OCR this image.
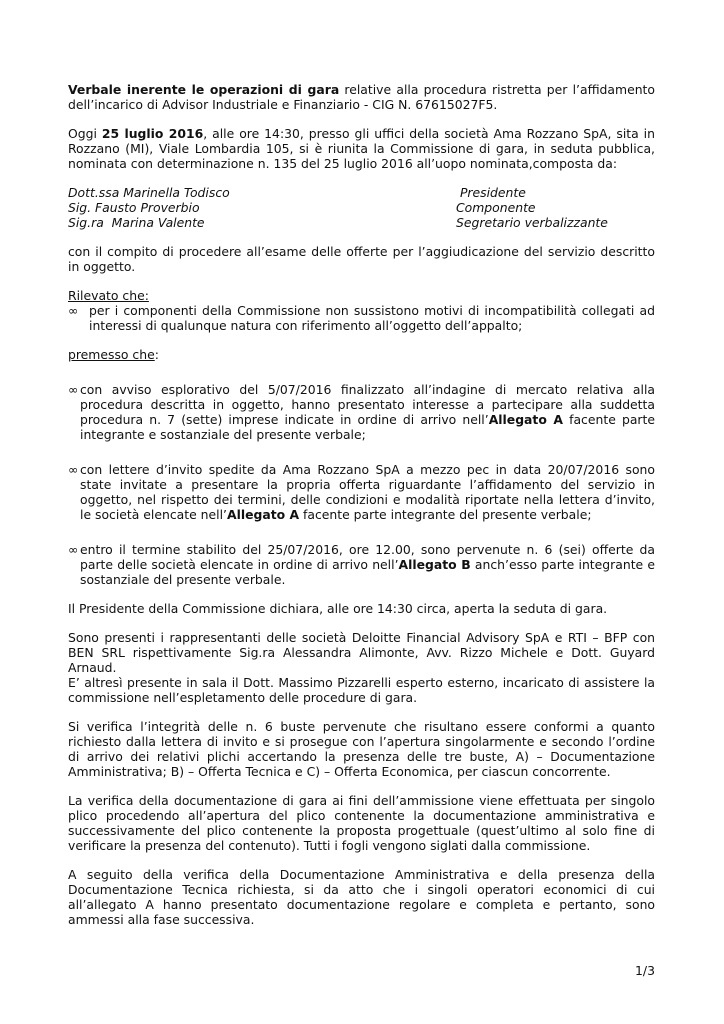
Verbale inerente le operazioni di gara relative alla procedura ristretta per l’affidamento dell’incarico di Advisor Industriale e Finanziario - CIG N. 67615027F5.

Oggi 25 luglio 2016, alle ore 14:30, presso gli uffici della società Ama Rozzano SpA, sita in Rozzano (MI), Viale Lombardia 105, si è riunita la Commissione di gara, in seduta pubblica, nominata con determinazione n. 135 del 25 luglio 2016 all’uopo nominata,composta da:

Dott.ssa Marinella Todisco	Presidente
Sig. Fausto Proverbio	Componente
Sig.ra  Marina Valente	Segretario verbalizzante

con il compito di procedere all’esame delle offerte per l’aggiudicazione del servizio descritto in oggetto.

Rilevato che:

∞ per i componenti della Commissione non sussistono motivi di incompatibilità collegati ad interessi di qualunque natura con riferimento all’oggetto dell’appalto;

premesso che:

∞ con avviso esplorativo del 5/07/2016 finalizzato all’indagine di mercato relativa alla procedura descritta in oggetto, hanno presentato interesse a partecipare alla suddetta procedura n. 7 (sette) imprese indicate in ordine di arrivo nell’Allegato A facente parte integrante e sostanziale del presente verbale;
∞ con lettere d’invito spedite da Ama Rozzano SpA a mezzo pec in data 20/07/2016 sono state invitate a presentare la propria offerta riguardante l’affidamento del servizio in oggetto, nel rispetto dei termini, delle condizioni e modalità riportate nella lettera d’invito, le società elencate nell’Allegato A facente parte integrante del presente verbale;
∞ entro il termine stabilito del 25/07/2016, ore 12.00, sono pervenute n. 6 (sei) offerte da parte delle società elencate in ordine di arrivo nell’Allegato B anch’esso parte integrante e sostanziale del presente verbale.

Il Presidente della Commissione dichiara, alle ore 14:30 circa, aperta la seduta di gara.

Sono presenti i rappresentanti delle società Deloitte Financial Advisory SpA e RTI – BFP con BEN SRL rispettivamente Sig.ra Alessandra Alimonte, Avv. Rizzo Michele e Dott. Guyard Arnaud.

E’ altresì presente in sala il Dott. Massimo Pizzarelli esperto esterno, incaricato di assistere la commissione nell’espletamento delle procedure di gara.

Si verifica l’integrità delle n. 6 buste pervenute che risultano essere conformi a quanto richiesto dalla lettera di invito e si prosegue con l’apertura singolarmente e secondo l’ordine di arrivo dei relativi plichi accertando la presenza delle tre buste, A) – Documentazione Amministrativa; B) – Offerta Tecnica e C) – Offerta Economica, per ciascun concorrente.

La verifica della documentazione di gara ai fini dell’ammissione viene effettuata per singolo plico procedendo all’apertura del plico contenente la documentazione amministrativa e successivamente del plico contenente la proposta progettuale (quest’ultimo al solo fine di verificare la presenza del contenuto). Tutti i fogli vengono siglati dalla commissione.

A seguito della verifica della Documentazione Amministrativa e della presenza della Documentazione Tecnica richiesta, si da atto che i singoli operatori economici di cui all’allegato A hanno presentato documentazione regolare e completa e pertanto, sono ammessi alla fase successiva.

1/3
